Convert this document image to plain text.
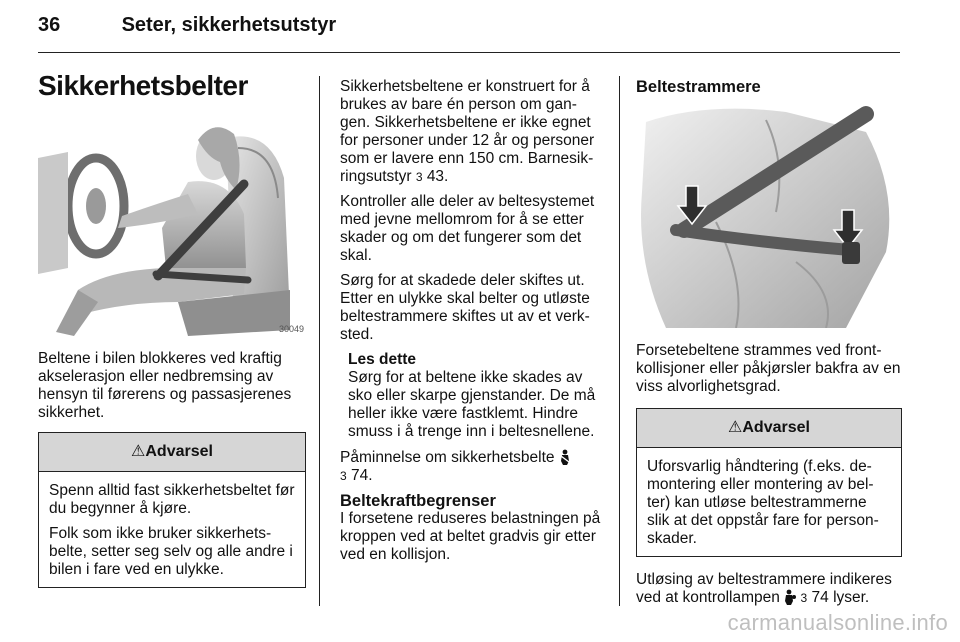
36	Seter, sikkerhetsutstyr
Sikkerhetsbelter
30049

Beltene i bilen blokkeres ved kraftig akselerasjon eller nedbremsing av hensyn til førerens og passasjerenes sikkerhet.

⚠Advarsel

Spenn alltid fast sikkerhetsbeltet før du begynner å kjøre.

Folk som ikke bruker sikkerhets-belte, setter seg selv og alle andre i bilen i fare ved en ulykke.

Sikkerhetsbeltene er konstruert for å brukes av bare én person om gan-gen. Sikkerhetsbeltene er ikke egnet for personer under 12 år og personer som er lavere enn 150 cm. Barnesik-ringsutstyr 3 43.

Kontroller alle deler av beltesystemet med jevne mellomrom for å se etter skader og om det fungerer som det skal.

Sørg for at skadede deler skiftes ut. Etter en ulykke skal belter og utløste beltestrammere skiftes ut av et verk-sted.

Les dette
Sørg for at beltene ikke skades av sko eller skarpe gjenstander. De må heller ikke være fastklemt. Hindre smuss i å trenge inn i beltesnellene.

Påminnelse om sikkerhetsbelte
3 74.

Beltekraftbegrenser

I forsetene reduseres belastningen på kroppen ved at beltet gradvis gir etter ved en kollisjon.

Beltestrammere

Forsetebeltene strammes ved front-kollisjoner eller påkjørsler bakfra av en viss alvorlighetsgrad.

⚠Advarsel

Uforsvarlig håndtering (f.eks. de-montering eller montering av bel-ter) kan utløse beltestrammerne slik at det oppstår fare for person-skader.

Utløsing av beltestrammere indikeres ved at kontrollampen  3 74 lyser.

carmanualsonline.info
